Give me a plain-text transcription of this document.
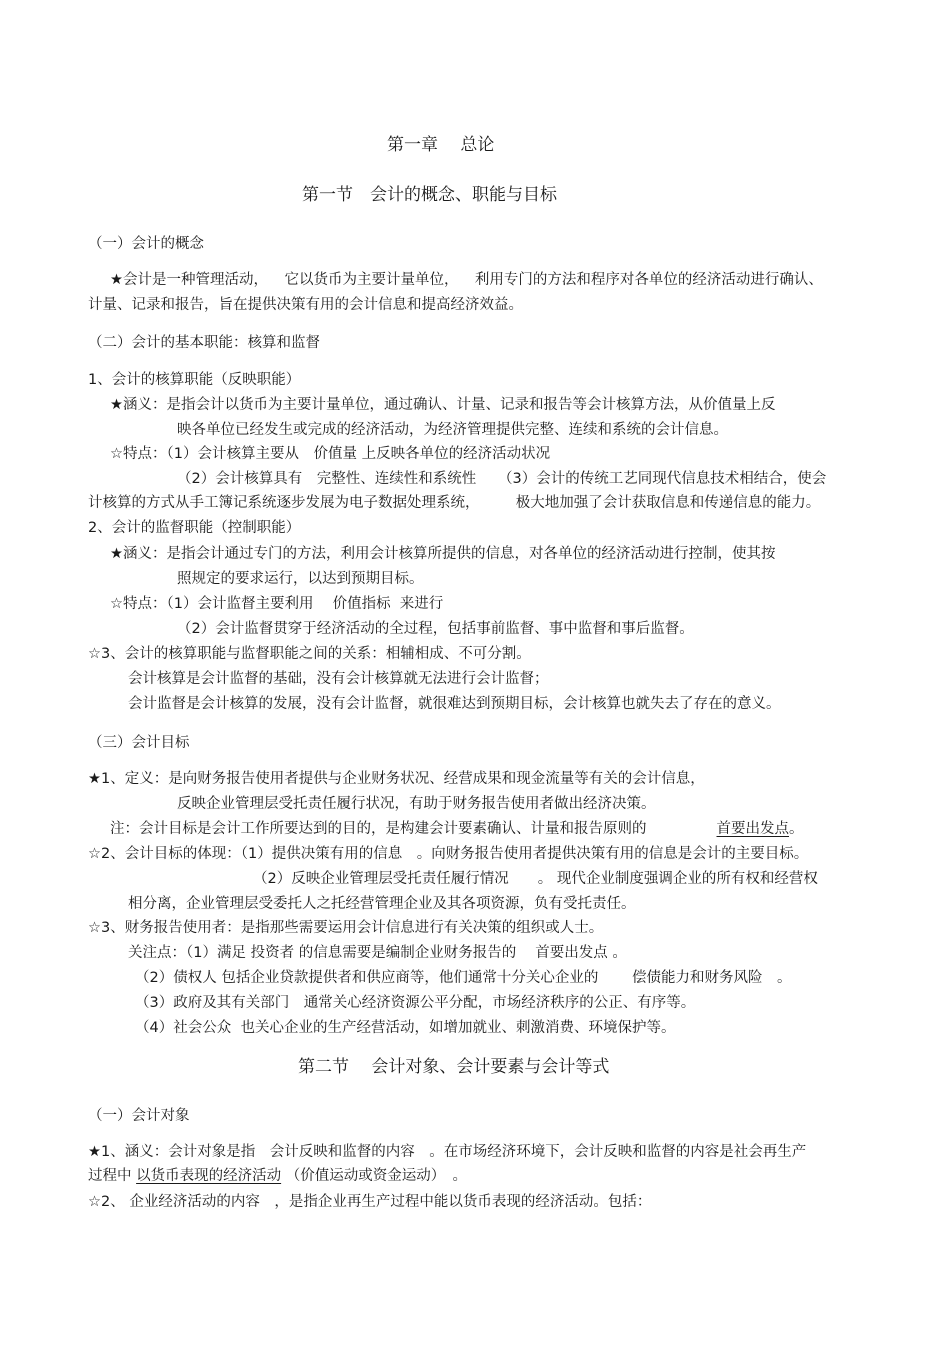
第一章　 总论
第一节　会计的概念、职能与目标
（一）会计的概念
★会计是一种管理活动，　  它以货币为主要计量单位，　  利用专门的方法和程序对各单位的经济活动进行确认、
计量、记录和报告，旨在提供决策有用的会计信息和提高经济效益。
（二）会计的基本职能：核算和监督
1、会计的核算职能（反映职能）
★涵义：是指会计以货币为主要计量单位，通过确认、计量、记录和报告等会计核算方法，从价值量上反
映各单位已经发生或完成的经济活动，为经济管理提供完整、连续和系统的会计信息。
☆特点：（1）会计核算主要从　价值量 上反映各单位的经济活动状况
（2）会计核算具有　完整性、连续性和系统性　　（3）会计的传统工艺同现代信息技术相结合，使会
计核算的方式从手工簿记系统逐步发展为电子数据处理系统，　　　极大地加强了会计获取信息和传递信息的能力。
2、会计的监督职能（控制职能）
★涵义：是指会计通过专门的方法，利用会计核算所提供的信息，对各单位的经济活动进行控制，使其按
照规定的要求运行，以达到预期目标。
☆特点：（1）会计监督主要利用　 价值指标  来进行
（2）会计监督贯穿于经济活动的全过程，包括事前监督、事中监督和事后监督。
☆3、会计的核算职能与监督职能之间的关系：相辅相成、不可分割。
会计核算是会计监督的基础，没有会计核算就无法进行会计监督；
会计监督是会计核算的发展，没有会计监督，就很难达到预期目标，会计核算也就失去了存在的意义。
（三）会计目标
★1、定义：是向财务报告使用者提供与企业财务状况、经营成果和现金流量等有关的会计信息，
反映企业管理层受托责任履行状况，有助于财务报告使用者做出经济决策。
注：会计目标是会计工作所要达到的目的，是构建会计要素确认、计量和报告原则的	首要出发点。
☆2、会计目标的体现：（1）提供决策有用的信息　。向财务报告使用者提供决策有用的信息是会计的主要目标。
（2）反映企业管理层受托责任履行情况　　。 现代企业制度强调企业的所有权和经营权
相分离，企业管理层受委托人之托经营管理企业及其各项资源，负有受托责任。
☆3、财务报告使用者：是指那些需要运用会计信息进行有关决策的组织或人士。
关注点：（1）满足 投资者 的信息需要是编制企业财务报告的　 首要出发点 。
（2）债权人 包括企业贷款提供者和供应商等，他们通常十分关心企业的　　 偿债能力和财务风险　。
（3）政府及其有关部门　通常关心经济资源公平分配，市场经济秩序的公正、有序等。
（4）社会公众  也关心企业的生产经营活动，如增加就业、刺激消费、环境保护等。
第二节　 会计对象、会计要素与会计等式
（一）会计对象
★1、涵义：会计对象是指　会计反映和监督的内容　。在市场经济环境下，会计反映和监督的内容是社会再生产
过程中 以货币表现的经济活动 （价值运动或资金运动）　。
☆2、 企业经济活动的内容　，是指企业再生产过程中能以货币表现的经济活动。包括：
